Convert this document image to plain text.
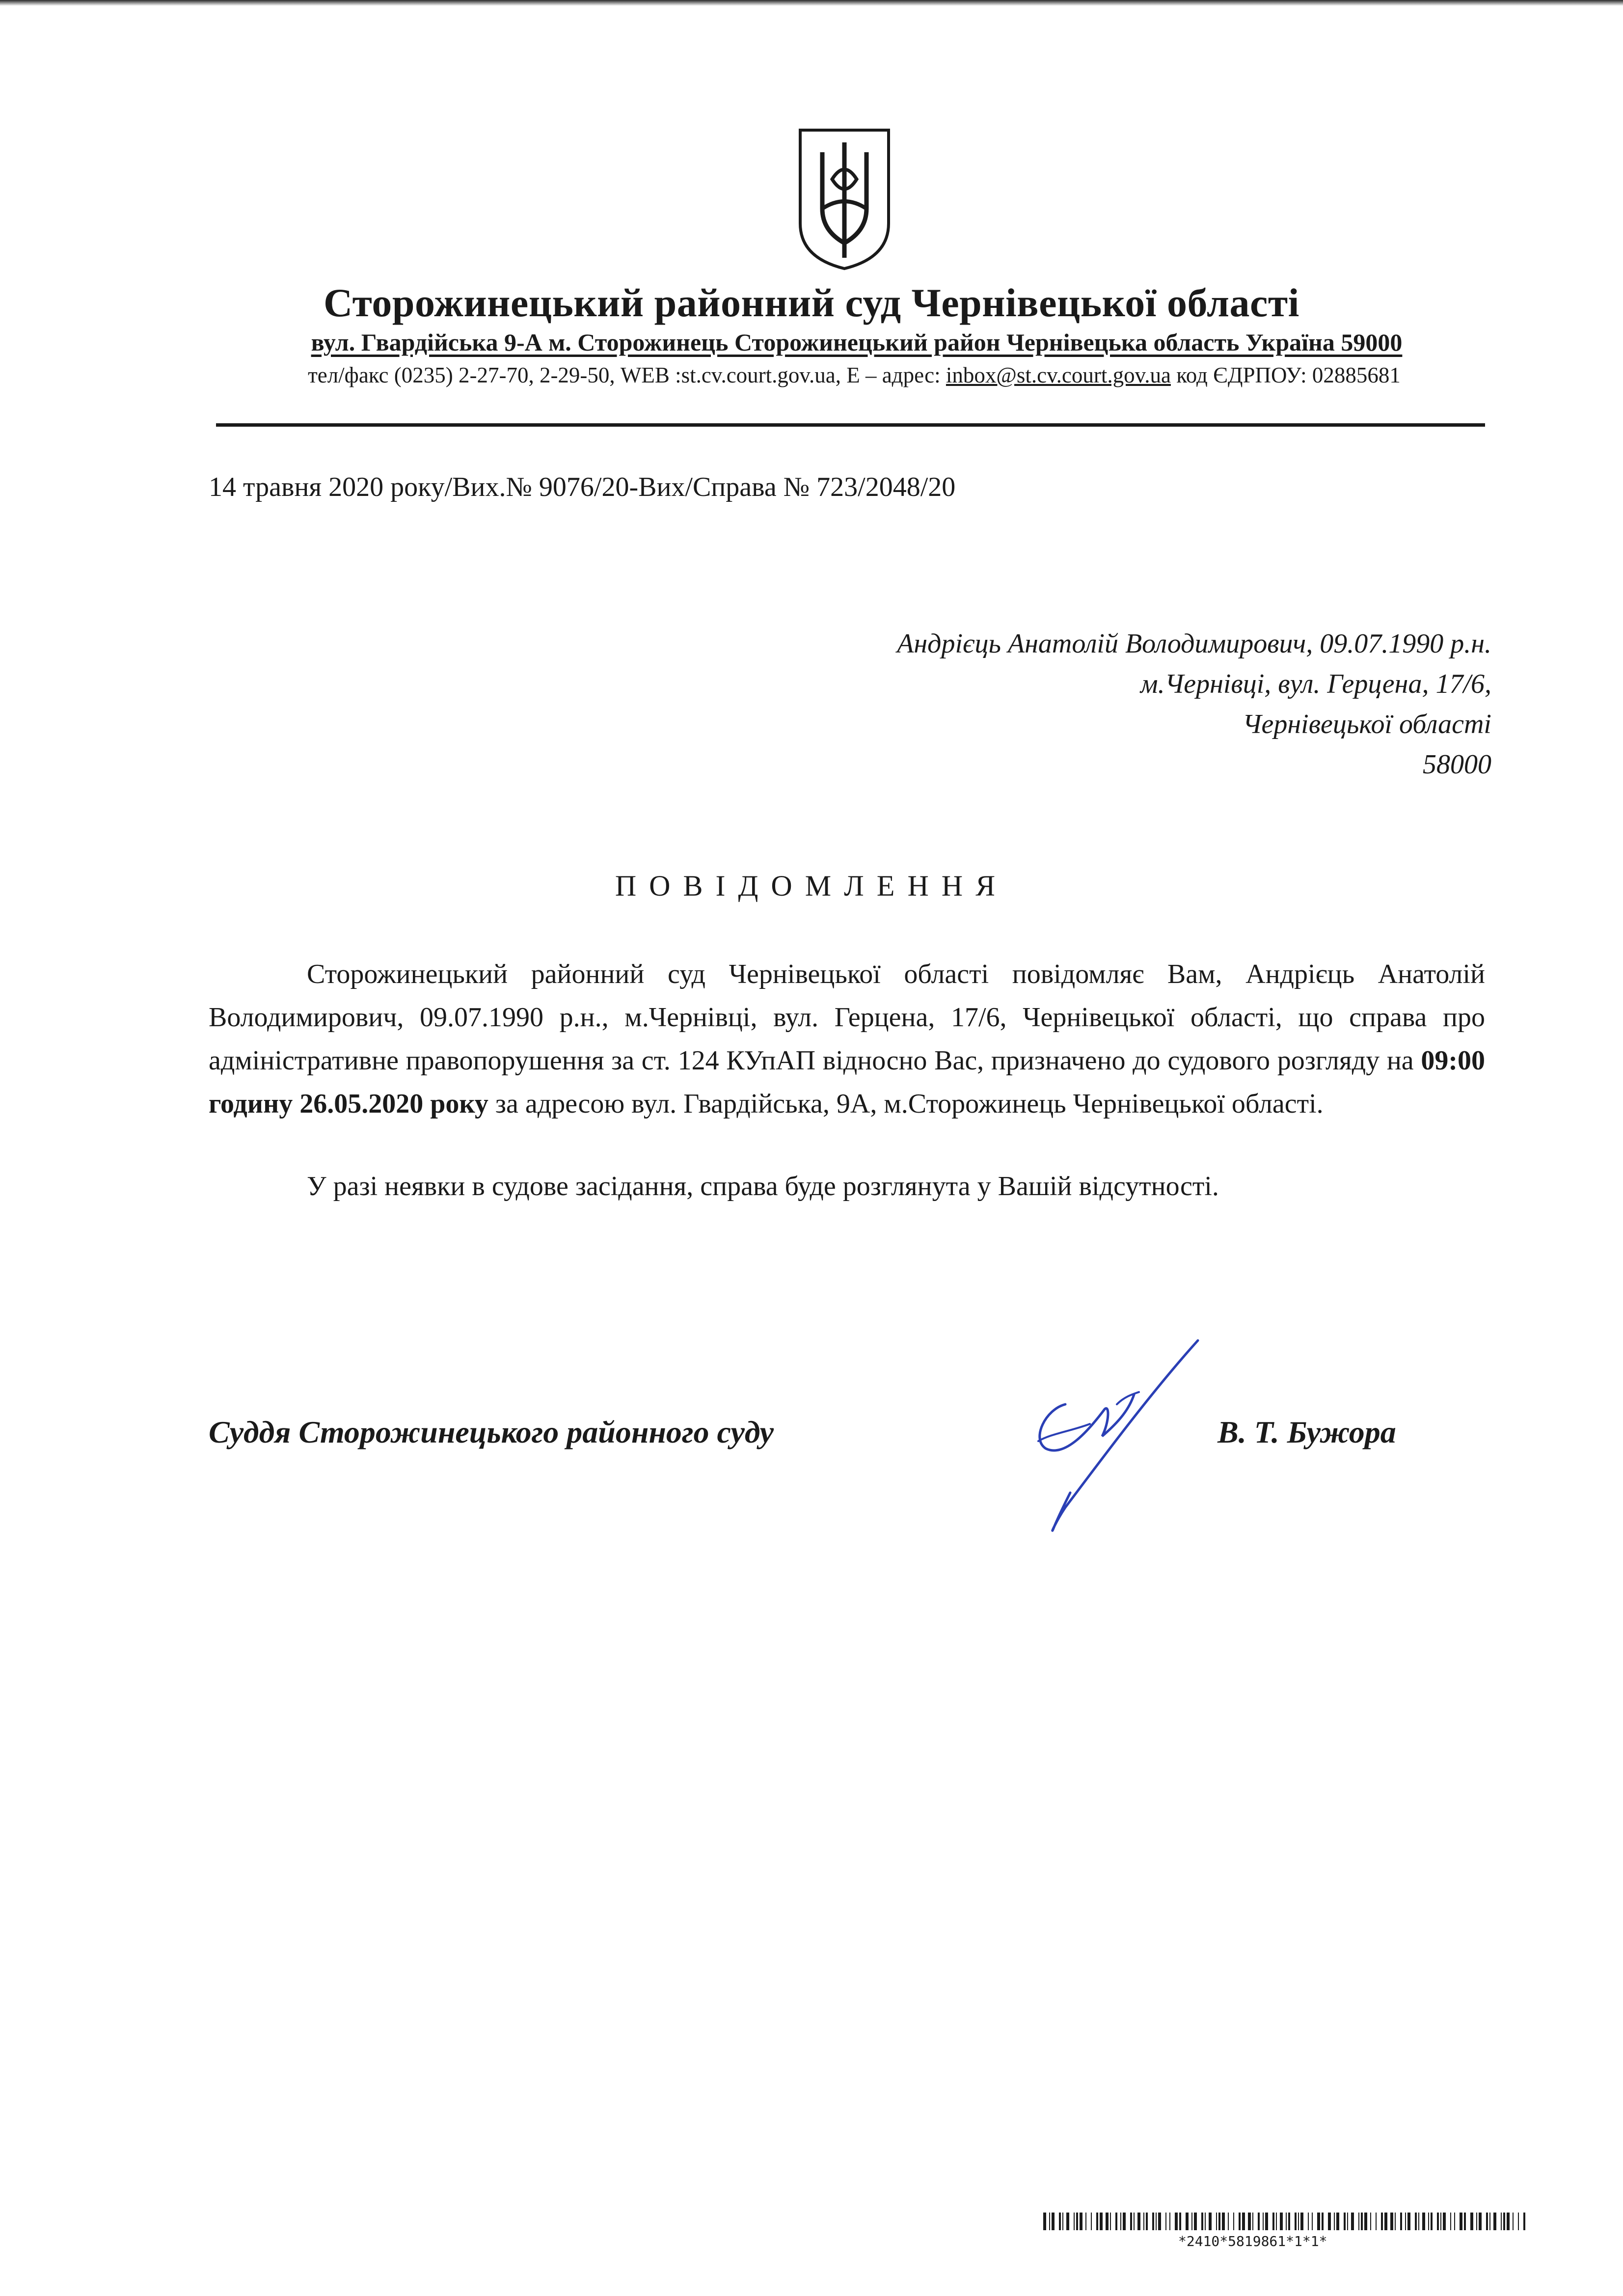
Сторожинецький районний суд Чернівецької області
вул. Гвардійська 9-А м. Сторожинець Сторожинецький район Чернівецька область Україна 59000
тел/факс (0235) 2-27-70, 2-29-50, WEB :st.cv.court.gov.ua, Е – адрес: inbox@st.cv.court.gov.ua код ЄДРПОУ: 02885681
14 травня 2020 року/Вих.№ 9076/20-Вих/Справа № 723/2048/20
Андрієць Анатолій Володимирович, 09.07.1990 р.н.
м.Чернівці, вул. Герцена, 17/6,
Чернівецької області
58000
ПОВІДОМЛЕННЯ

Сторожинецький районний суд Чернівецької області повідомляє Вам, Андрієць Анатолій Володимирович, 09.07.1990 р.н., м.Чернівці, вул. Герцена, 17/6, Чернівецької області, що справа про адміністративне правопорушення за ст. 124 КУпАП відносно Вас, призначено до судового розгляду на 09:00 годину 26.05.2020 року за адресою вул. Гвардійська, 9А, м.Сторожинець Чернівецької області.

У разі неявки в судове засідання, справа буде розглянута у Вашій відсутності.

Суддя Сторожинецького районного суду	В. Т. Бужора
*2410*5819861*1*1*
